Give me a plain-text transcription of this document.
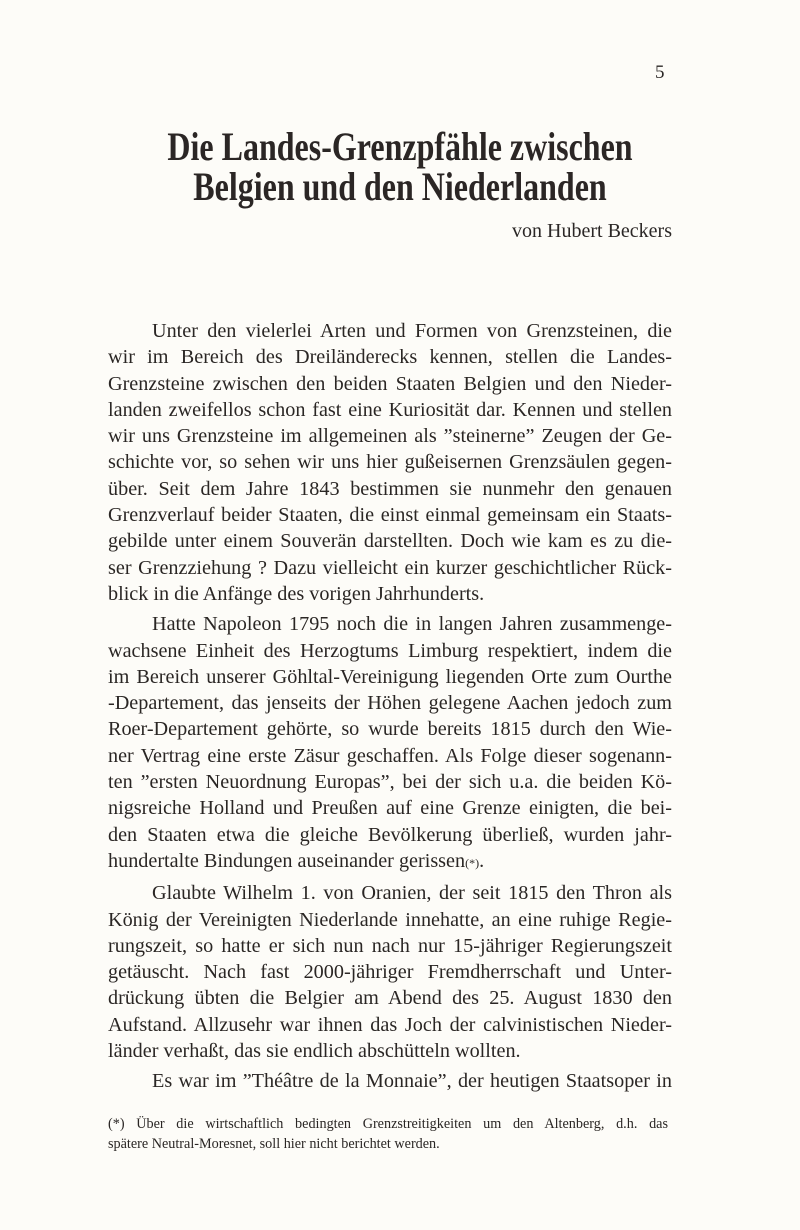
5
Die Landes-Grenzpfähle zwischen
Belgien und den Niederlanden
von Hubert Beckers

Unter den vielerlei Arten und Formen von Grenzsteinen, die
wir im Bereich des Dreiländerecks kennen, stellen die Landes-
Grenzsteine zwischen den beiden Staaten Belgien und den Nieder-
landen zweifellos schon fast eine Kuriosität dar. Kennen und stellen
wir uns Grenzsteine im allgemeinen als ”steinerne” Zeugen der Ge-
schichte vor, so sehen wir uns hier gußeisernen Grenzsäulen gegen-
über. Seit dem Jahre 1843 bestimmen sie nunmehr den genauen
Grenzverlauf beider Staaten, die einst einmal gemeinsam ein Staats-
gebilde unter einem Souverän darstellten. Doch wie kam es zu die-
ser Grenzziehung ? Dazu vielleicht ein kurzer geschichtlicher Rück-
blick in die Anfänge des vorigen Jahrhunderts.

Hatte Napoleon 1795 noch die in langen Jahren zusammenge-
wachsene Einheit des Herzogtums Limburg respektiert, indem die
im Bereich unserer Göhltal-Vereinigung liegenden Orte zum Ourthe
-Departement, das jenseits der Höhen gelegene Aachen jedoch zum
Roer-Departement gehörte, so wurde bereits 1815 durch den Wie-
ner Vertrag eine erste Zäsur geschaffen. Als Folge dieser sogenann-
ten ”ersten Neuordnung Europas”, bei der sich u.a. die beiden Kö-
nigsreiche Holland und Preußen auf eine Grenze einigten, die bei-
den Staaten etwa die gleiche Bevölkerung überließ, wurden jahr-
hundertalte Bindungen auseinander gerissen(*).

Glaubte Wilhelm 1. von Oranien, der seit 1815 den Thron als
König der Vereinigten Niederlande innehatte, an eine ruhige Regie-
rungszeit, so hatte er sich nun nach nur 15-jähriger Regierungszeit
getäuscht. Nach fast 2000-jähriger Fremdherrschaft und Unter-
drückung übten die Belgier am Abend des 25. August 1830 den
Aufstand. Allzusehr war ihnen das Joch der calvinistischen Nieder-
länder verhaßt, das sie endlich abschütteln wollten.

Es war im ”Théâtre de la Monnaie”, der heutigen Staatsoper in

(*) Über die wirtschaftlich bedingten Grenzstreitigkeiten um den Altenberg, d.h. das
spätere Neutral-Moresnet, soll hier nicht berichtet werden.
